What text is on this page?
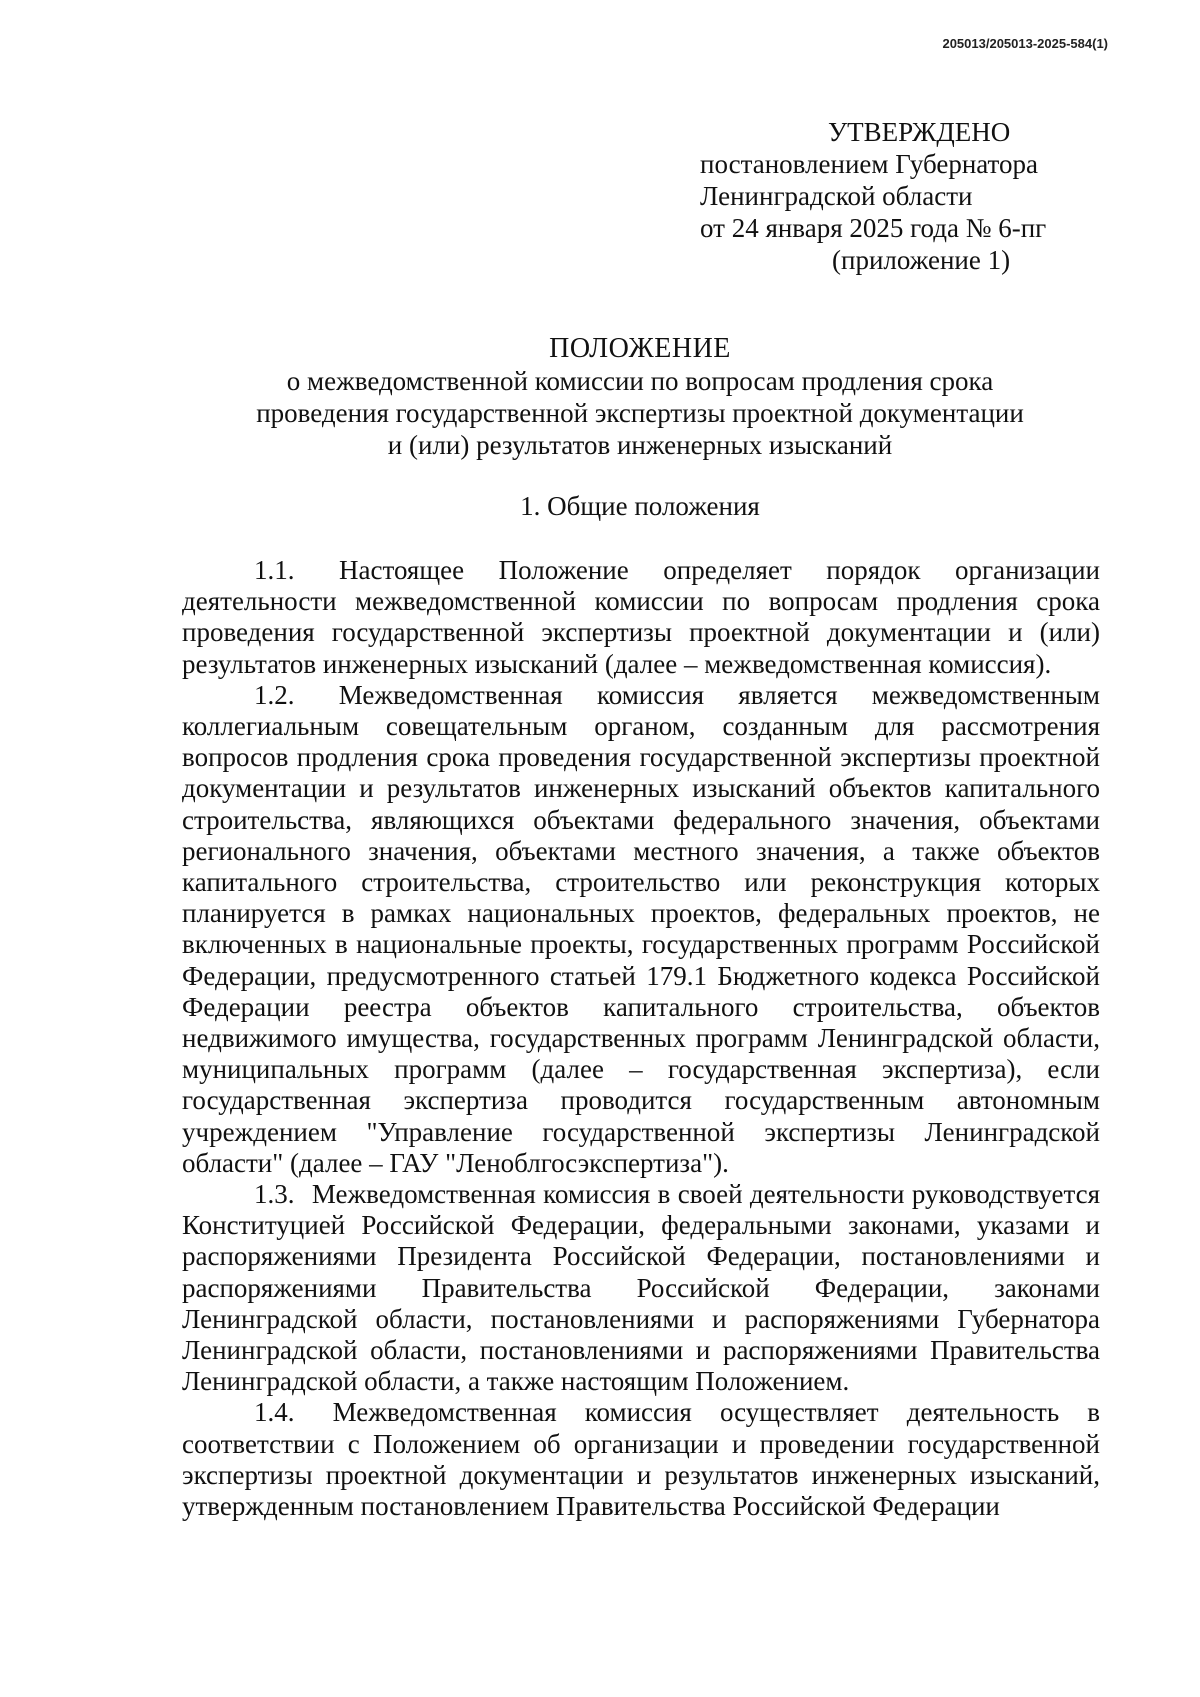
205013/205013-2025-584(1)
УТВЕРЖДЕНО
постановлением Губернатора
Ленинградской области
от 24 января 2025 года № 6-пг
(приложение 1)
ПОЛОЖЕНИЕ
о межведомственной комиссии по вопросам продления срока
проведения государственной экспертизы проектной документации
и (или) результатов инженерных изысканий
1. Общие положения

1.1. Настоящее Положение определяет порядок организации деятельности межведомственной комиссии по вопросам продления срока проведения государственной экспертизы проектной документации и (или) результатов инженерных изысканий (далее – межведомственная комиссия).

1.2. Межведомственная комиссия является межведомственным коллегиальным совещательным органом, созданным для рассмотрения вопросов продления срока проведения государственной экспертизы проектной документации и результатов инженерных изысканий объектов капитального строительства, являющихся объектами федерального значения, объектами регионального значения, объектами местного значения, а также объектов капитального строительства, строительство или реконструкция которых планируется в рамках национальных проектов, федеральных проектов, не включенных в национальные проекты, государственных программ Российской Федерации, предусмотренного статьей 179.1 Бюджетного кодекса Российской Федерации реестра объектов капитального строительства, объектов недвижимого имущества, государственных программ Ленинградской области, муниципальных программ (далее – государственная экспертиза), если государственная экспертиза проводится государственным автономным учреждением "Управление государственной экспертизы Ленинградской области" (далее – ГАУ "Леноблгосэкспертиза").

1.3. Межведомственная комиссия в своей деятельности руководствуется Конституцией Российской Федерации, федеральными законами, указами и распоряжениями Президента Российской Федерации, постановлениями и распоряжениями Правительства Российской Федерации, законами Ленинградской области, постановлениями и распоряжениями Губернатора Ленинградской области, постановлениями и распоряжениями Правительства Ленинградской области, а также настоящим Положением.

1.4. Межведомственная комиссия осуществляет деятельность в соответствии с Положением об организации и проведении государственной экспертизы проектной документации и результатов инженерных изысканий, утвержденным постановлением Правительства Российской Федерации
